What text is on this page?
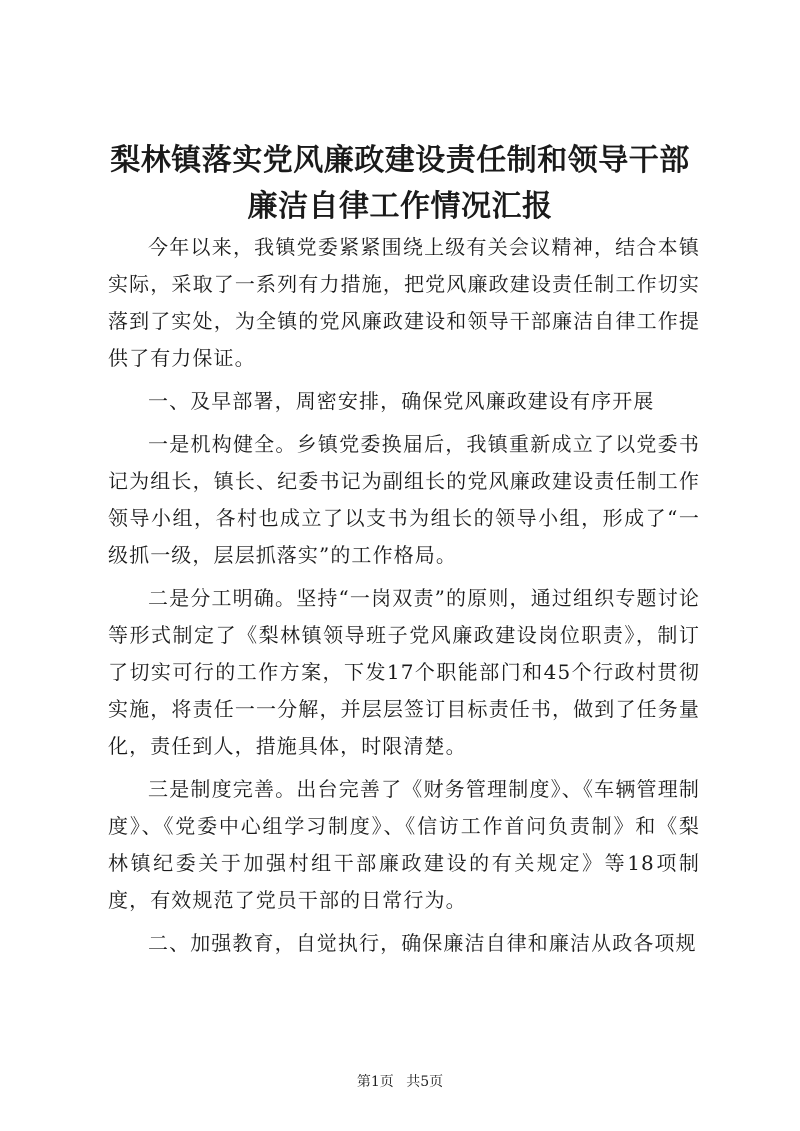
梨林镇落实党风廉政建设责任制和领导干部廉洁自律工作情况汇报

今年以来，我镇党委紧紧围绕上级有关会议精神，结合本镇实际，采取了一系列有力措施，把党风廉政建设责任制工作切实落到了实处，为全镇的党风廉政建设和领导干部廉洁自律工作提供了有力保证。

一、及早部署，周密安排，确保党风廉政建设有序开展

一是机构健全。乡镇党委换届后，我镇重新成立了以党委书记为组长，镇长、纪委书记为副组长的党风廉政建设责任制工作领导小组，各村也成立了以支书为组长的领导小组，形成了“一级抓一级，层层抓落实”的工作格局。

二是分工明确。坚持“一岗双责”的原则，通过组织专题讨论等形式制定了《梨林镇领导班子党风廉政建设岗位职责》，制订了切实可行的工作方案，下发17个职能部门和45个行政村贯彻实施，将责任一一分解，并层层签订目标责任书，做到了任务量化，责任到人，措施具体，时限清楚。

三是制度完善。出台完善了《财务管理制度》、《车辆管理制度》、《党委中心组学习制度》、《信访工作首问负责制》和《梨林镇纪委关于加强村组干部廉政建设的有关规定》等18项制度，有效规范了党员干部的日常行为。

二、加强教育，自觉执行，确保廉洁自律和廉洁从政各项规

第1页 共5页
